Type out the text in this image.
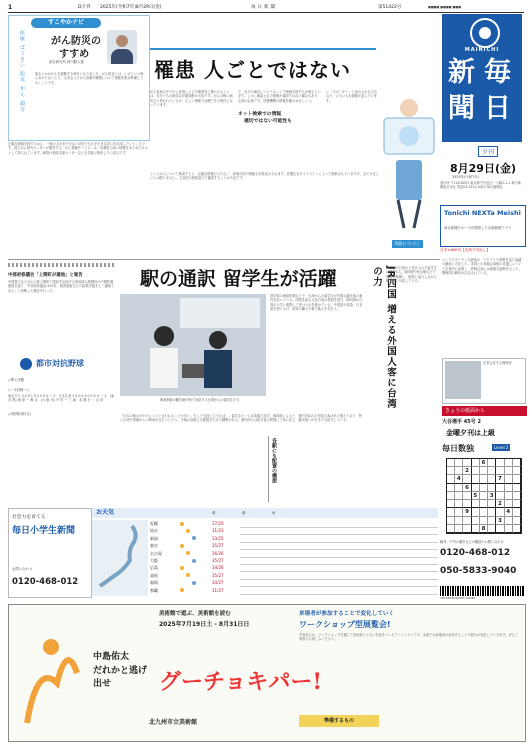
1	D夕刊 2025年(令和7年)8月29日(金)	毎日新聞	第51422号	■■■■ ■■■■ ■■■
MAINICHI
新 毎
聞 日
夕刊
8月29日(金)
2025年(令和7年)
発行所 〒100-8051 東京都千代田区一ツ橋1-1-1 毎日新聞東京本社 電話03-3212-0321 毎日新聞社
Tonichi NEXTa Meishi
毎日新聞グループが開発した名刺管理アプリ
月ぎめ660円【本紙夕刊なし】
すこやかナビ
がん防災の
すすめ
総合研究所 押川勝太郎
医療 ぼうさい 防災 がん 頭分	誰もいかががんを経験する時代となりました。がん防災とは、いざという時にあわてないよう、元気なうちから治療や療養について情報を集め準備しておくことです。
正確な情報を探すために、一般の人がまだ少ない状況でもさまざまな窓口を活用したいところです。国立がん研究センターが運営する「がん情報サービス」は、信頼性の高い情報をまとめたものとして知られています。病院の相談支援センターなども気軽に利用したい窓口です。
罹患 人ごとではない
がん家族の中でがん患者による早期発見に携わる人々には、自分たちの病気は早期診断が大切です。がんは怖い病気だと思われているが、正しい情報で治療できる時代になっています。
で、自分の病気についてネットで情報を探す人が増えています。しかし検索上位の情報が適切ではない場合もあり、注意が必要です。医療機関の情報を確かめましょう。
に「スポンサー」と表示される広告など、いろいろな情報が並んでいます。
ネット検索での情報
適切ではない可能性も
とくにがんについて検索すると、正確な情報だけでなく、商業目的の情報も多数表示されます。医療広告ガイドラインによって規制されていますが、全てが正しいとは限りません。主治医や相談窓口で確認することが大切です。
6面につづく
中部府県議会「上関町が適地」と報告
中国電力などが山口県上関町で建設を計画する使用済み核燃料の中間貯蔵施設を巡り、中部府県議会は29日、地質調査などの結果を踏まえ「適地である」と判断した報告を行った。
都市対抗野球
◇準々決勝
○一1回戦ー○
◇3回戦(第2日)
東京ガス 0 0 0 1 0 0 0 0 0 ー 1　日本生命 2 0 0 0 0 0 0 0 × ー 2　(東 京 都) 城 尾 ー 亀 井　(大 阪 市) 中 村 ー 三 浦　本 塁 打 ＝ 山 田
駅の通訳 留学生が活躍
JR高松駅の観光案内所で対応する台湾からの留学生たち
香川県のJR高松駅などで、台湾からの留学生が外国人観光客の案内を担っている。四国を訪れる訪日客の増加を受け、JR四国が台湾の大学と連携して受け入れを進めている。中国語や英語、日本語を使い分け、切符の購入や乗り換えを手伝う。
「日本の駅は分かりにくいと言われることが多い。少しでも役に立てれば」。留学生の一人は笑顔で話す。JR四国によると、管内を訪れる外国人客は年々増えており、特に台湾や香港からの利用が目立つという。今後は各駅にも配置を広げる構想がある。案内所では訪日客の質問に丁寧に応じ、観光地への行き方も紹介している。
JR四国 増える外国人客に台湾の力	JR四国が台湾から受け入れた留学生は現在5人。高松駅や松山駅などで週数日勤務し、駅員と協力しながら観光客に対応している。
各駅にも配置の構想
ロシアのプーチン大統領は、ウクライナ情勢を巡り協議の継続に言及した。米国との首脳会談後の見通しについて記者団に説明し、停戦合意には慎重な姿勢を示した。関係国の動向が注目されている。
記者会見する関係者
きょうの紙面から
大谷選手 45号 2
金曜夕刊は上級
毎日数独	Level 2
6
2
4	7
6
5	3
2
9	4
3
8
お天気	晴	曇	雨
札幌	27/20
仙台	31/23
新潟	33/25
東京	35/27
名古屋	36/26
大阪	35/27
広島	34/26
高松	35/27
福岡	34/27
那覇	31/27
社会力を育てる
毎日小学生新聞
お問い合わせ
0120-468-012
朝刊・夕刊の割引などの購読のお問い合わせ
0120-468-012
050-5833-9040
4910824090905 00040
美術館で遊ぶ、美術館を読む
2025年7月19日土 - 8月31日日
中島佑太
だれかと逃げ出せ	グーチョキパー!
北九州市立美術館
来場者が参加することで変化していく
ワークショップ型展覧会!
中島佑太は、ワークショップを通じて参加者とともに作品をつくるアーティストです。本展では来場者が参加することで展示が変化していきます。ぜひご家族でお楽しみください。
準備するもの
